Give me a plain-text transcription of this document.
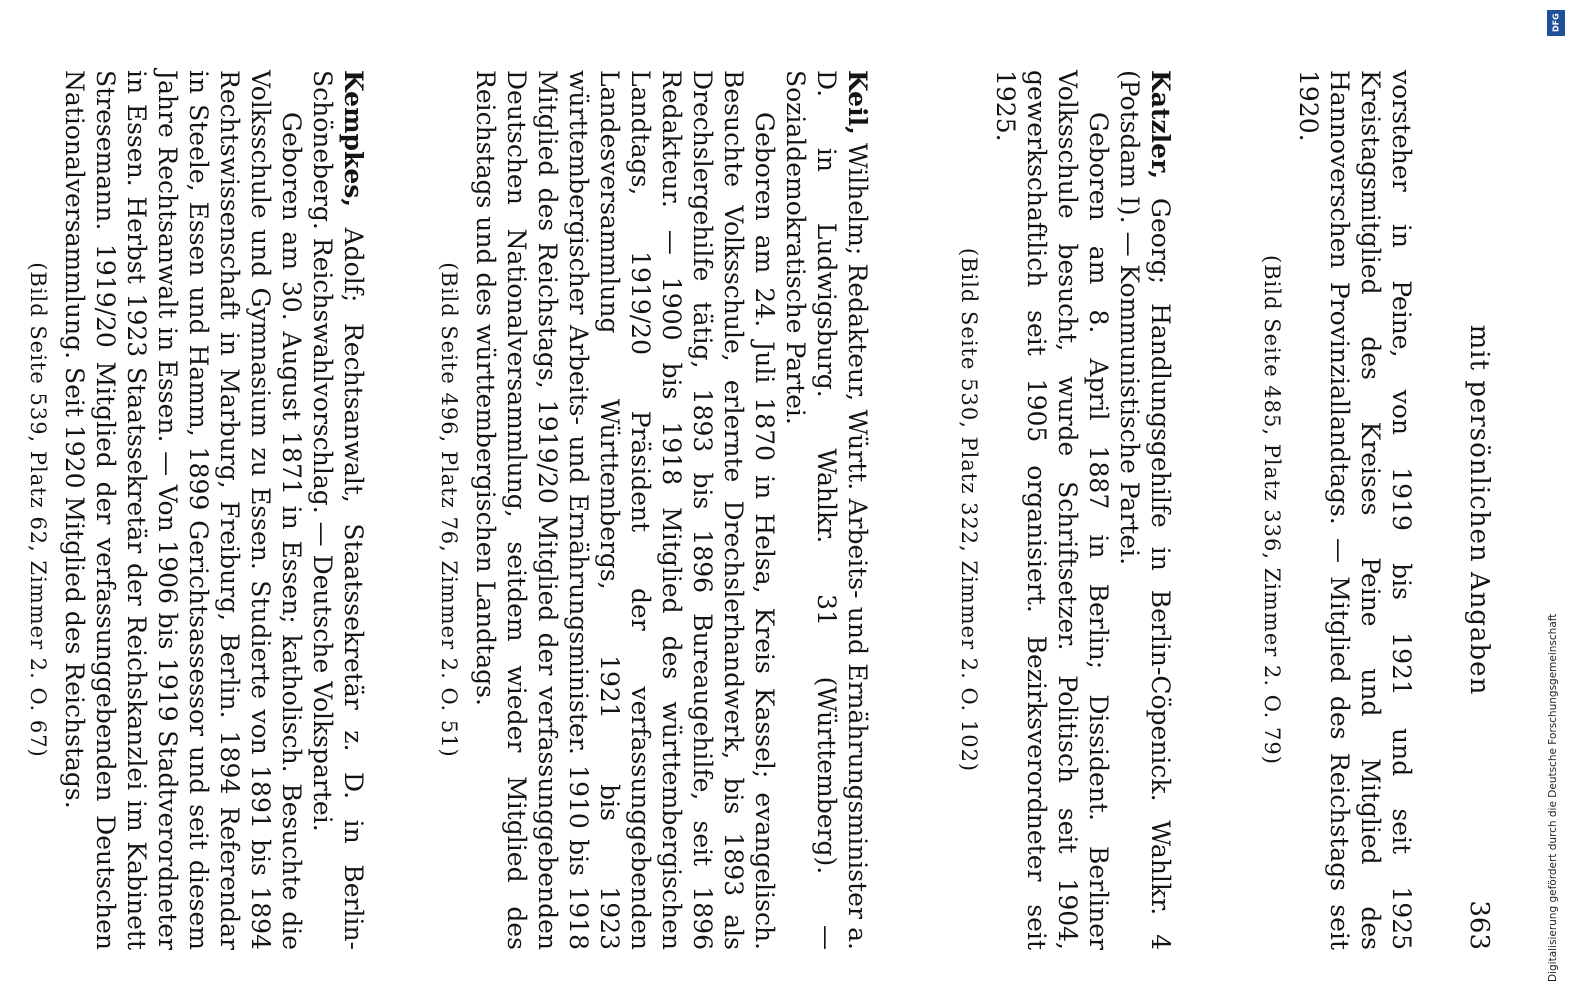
mit persönlichen Angaben
363

vorsteher in Peine, von 1919 bis 1921 und seit 1925 Kreistagsmitglied des Kreises Peine und Mitglied des Hannoverschen Provinziallandtags. — Mitglied des Reichstags seit 1920.

(Bild Seite 485, Platz 336, Zimmer 2. O. 79)

Katzler, Georg; Handlungsgehilfe in Berlin-Cöpenick. Wahlkr. 4 (Potsdam I). — Kommunistische Partei.

Geboren am 8. April 1887 in Berlin; Dissident. Berliner Volksschule besucht, wurde Schriftsetzer. Politisch seit 1904, gewerkschaftlich seit 1905 organisiert. Bezirksverordneter seit 1925.

(Bild Seite 530, Platz 322, Zimmer 2. O. 102)

Keil, Wilhelm; Redakteur, Württ. Arbeits- und Ernährungsminister a. D. in Ludwigsburg. Wahlkr. 31 (Württemberg). — Sozialdemokratische Partei.

Geboren am 24. Juli 1870 in Helsa, Kreis Kassel; evangelisch. Besuchte Volksschule, erlernte Drechslerhandwerk, bis 1893 als Drechslergehilfe tätig, 1893 bis 1896 Bureaugehilfe, seit 1896 Redakteur. — 1900 bis 1918 Mitglied des württembergischen Landtags, 1919/20 Präsident der verfassunggebenden Landesversammlung Württembergs, 1921 bis 1923 württembergischer Arbeits- und Ernährungsminister. 1910 bis 1918 Mitglied des Reichstags, 1919/20 Mitglied der verfassunggebenden Deutschen Nationalversammlung, seitdem wieder Mitglied des Reichstags und des württembergischen Landtags.

(Bild Seite 496, Platz 76, Zimmer 2. O. 51)

Kempkes, Adolf; Rechtsanwalt, Staatssekretär z. D. in Berlin-Schöneberg. Reichswahlvorschlag. — Deutsche Volkspartei.

Geboren am 30. August 1871 in Essen; katholisch. Besuchte die Volksschule und Gymnasium zu Essen. Studierte von 1891 bis 1894 Rechtswissenschaft in Marburg, Freiburg, Berlin. 1894 Referendar in Steele, Essen und Hamm, 1899 Gerichtsassessor und seit diesem Jahre Rechtsanwalt in Essen. — Von 1906 bis 1919 Stadtverordneter in Essen. Herbst 1923 Staatssekretär der Reichskanzlei im Kabinett Stresemann. 1919/20 Mitglied der verfassunggebenden Deutschen Nationalversammlung. Seit 1920 Mitglied des Reichstags.

(Bild Seite 539, Platz 62, Zimmer 2. O. 67)

DFG
Digitalisierung gefördert durch die Deutsche Forschungsgemeinschaft
